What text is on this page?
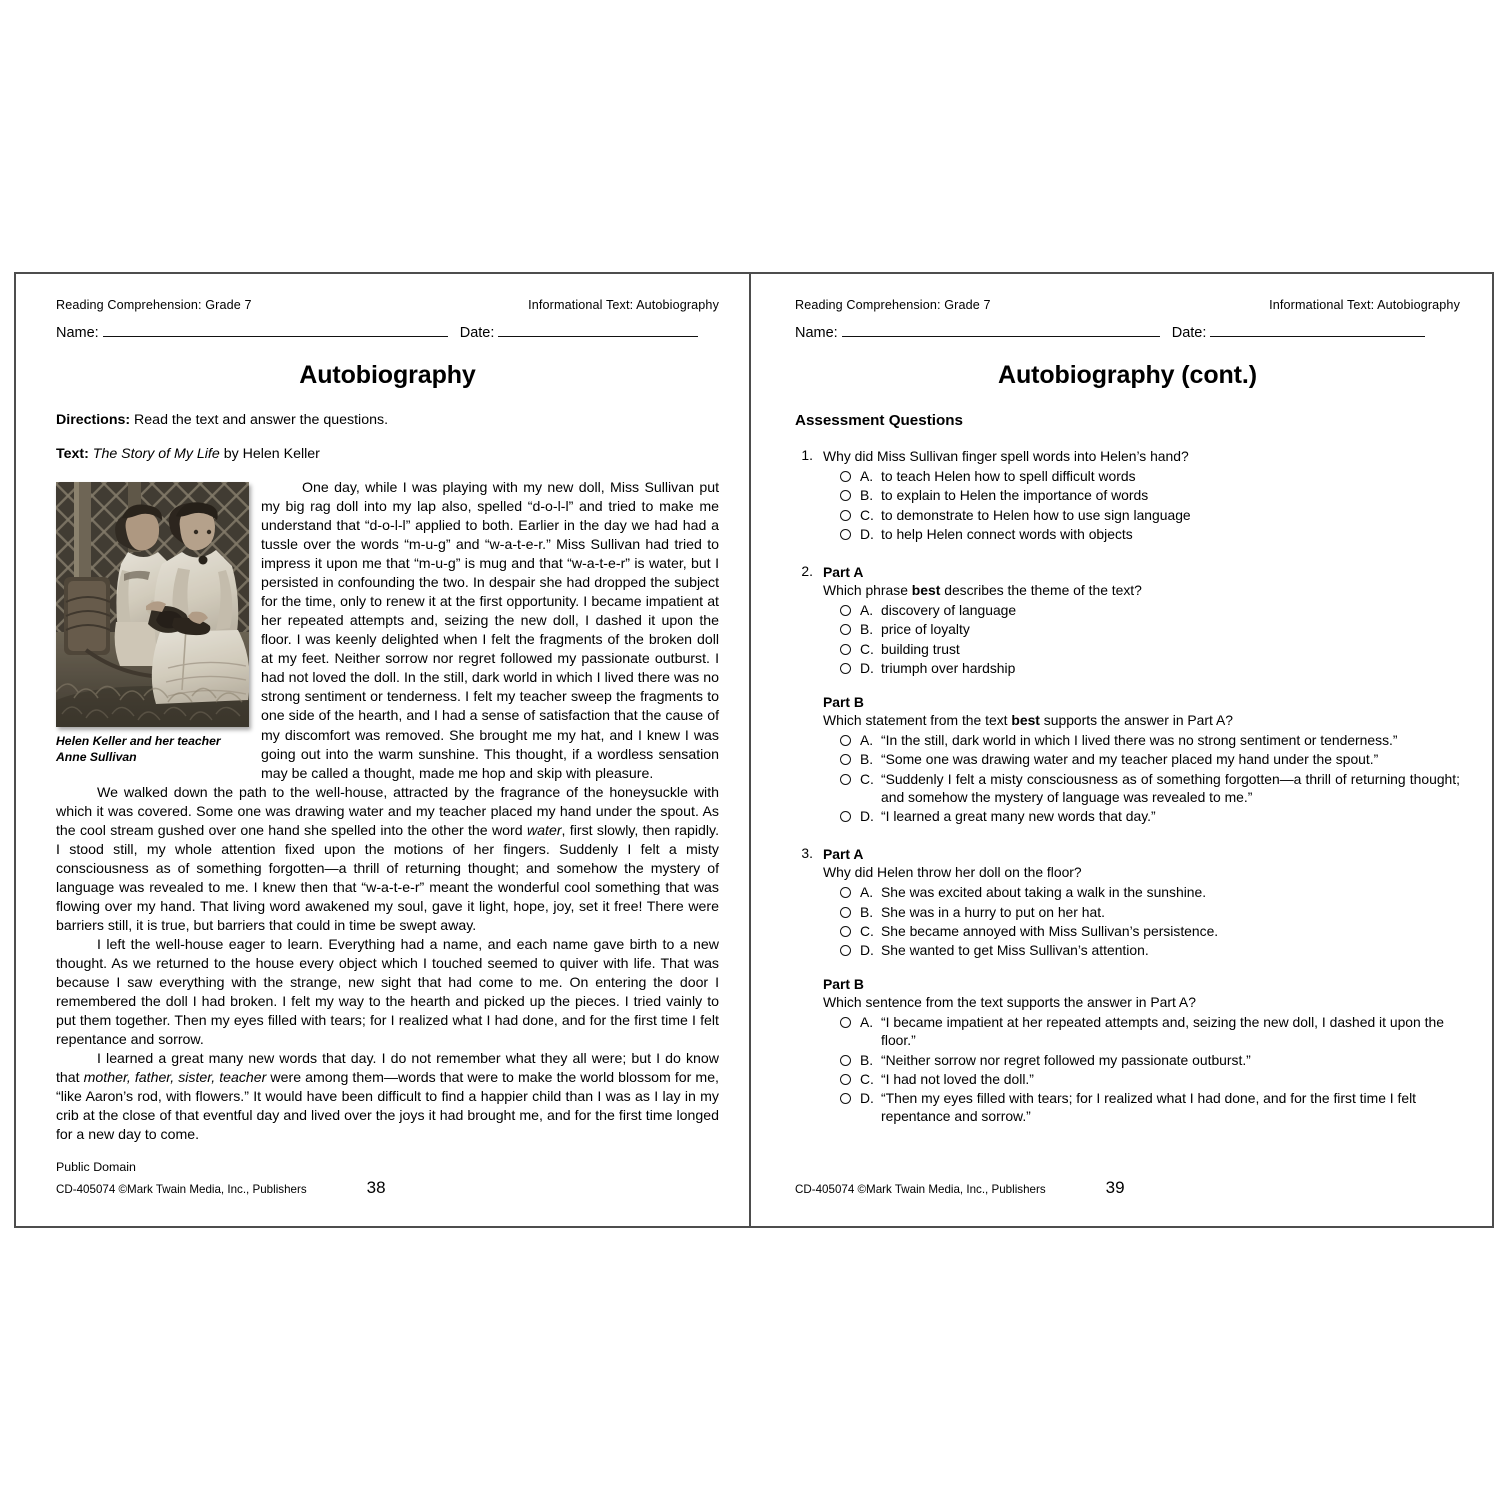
Reading Comprehension: Grade 7	Informational Text: Autobiography
Name:	Date:
Autobiography
Directions: Read the text and answer the questions.
Text: The Story of My Life by Helen Keller
Helen Keller and her teacher
Anne Sullivan

One day, while I was playing with my new doll, Miss Sullivan put my big rag doll into my lap also, spelled “d-o-l-l” and tried to make me understand that “d-o-l-l” applied to both. Earlier in the day we had had a tussle over the words “m-u-g” and “w-a-t-e-r.” Miss Sullivan had tried to impress it upon me that “m-u-g” is mug and that “w-a-t-e-r” is water, but I persisted in confounding the two. In despair she had dropped the subject for the time, only to renew it at the first opportunity. I became impatient at her repeated attempts and, seizing the new doll, I dashed it upon the floor. I was keenly delighted when I felt the fragments of the broken doll at my feet. Neither sorrow nor regret followed my passionate outburst. I had not loved the doll. In the still, dark world in which I lived there was no strong sentiment or tenderness. I felt my teacher sweep the fragments to one side of the hearth, and I had a sense of satisfaction that the cause of my discomfort was removed. She brought me my hat, and I knew I was going out into the warm sunshine. This thought, if a wordless sensation may be called a thought, made me hop and skip with pleasure.

We walked down the path to the well-house, attracted by the fragrance of the honeysuckle with which it was covered. Some one was drawing water and my teacher placed my hand under the spout. As the cool stream gushed over one hand she spelled into the other the word water, first slowly, then rapidly. I stood still, my whole attention fixed upon the motions of her fingers. Suddenly I felt a misty consciousness as of something forgotten—a thrill of returning thought; and somehow the mystery of language was revealed to me. I knew then that “w-a-t-e-r” meant the wonderful cool something that was flowing over my hand. That living word awakened my soul, gave it light, hope, joy, set it free! There were barriers still, it is true, but barriers that could in time be swept away.

I left the well-house eager to learn. Everything had a name, and each name gave birth to a new thought. As we returned to the house every object which I touched seemed to quiver with life. That was because I saw everything with the strange, new sight that had come to me. On entering the door I remembered the doll I had broken. I felt my way to the hearth and picked up the pieces. I tried vainly to put them together. Then my eyes filled with tears; for I realized what I had done, and for the first time I felt repentance and sorrow.

I learned a great many new words that day. I do not remember what they all were; but I do know that mother, father, sister, teacher were among them—words that were to make the world blossom for me, “like Aaron’s rod, with flowers.” It would have been difficult to find a happier child than I was as I lay in my crib at the close of that eventful day and lived over the joys it had brought me, and for the first time longed for a new day to come.

Public Domain
CD-405074 ©Mark Twain Media, Inc., Publishers	38
Reading Comprehension: Grade 7	Informational Text: Autobiography
Name:	Date:
Autobiography (cont.)
Assessment Questions
1. Why did Miss Sullivan finger spell words into Helen’s hand?
A. to teach Helen how to spell difficult words
B. to explain to Helen the importance of words
C. to demonstrate to Helen how to use sign language
D. to help Helen connect words with objects
2. Part A
Which phrase best describes the theme of the text?
A. discovery of language
B. price of loyalty
C. building trust
D. triumph over hardship
Part B
Which statement from the text best supports the answer in Part A?
A. “In the still, dark world in which I lived there was no strong sentiment or tenderness.”
B. “Some one was drawing water and my teacher placed my hand under the spout.”
C. “Suddenly I felt a misty consciousness as of something forgotten—a thrill of returning thought; and somehow the mystery of language was revealed to me.”
D. “I learned a great many new words that day.”
3. Part A
Why did Helen throw her doll on the floor?
A. She was excited about taking a walk in the sunshine.
B. She was in a hurry to put on her hat.
C. She became annoyed with Miss Sullivan’s persistence.
D. She wanted to get Miss Sullivan’s attention.
Part B
Which sentence from the text supports the answer in Part A?
A. “I became impatient at her repeated attempts and, seizing the new doll, I dashed it upon the floor.”
B. “Neither sorrow nor regret followed my passionate outburst.”
C. “I had not loved the doll.”
D. “Then my eyes filled with tears; for I realized what I had done, and for the first time I felt repentance and sorrow.”
CD-405074 ©Mark Twain Media, Inc., Publishers	39
